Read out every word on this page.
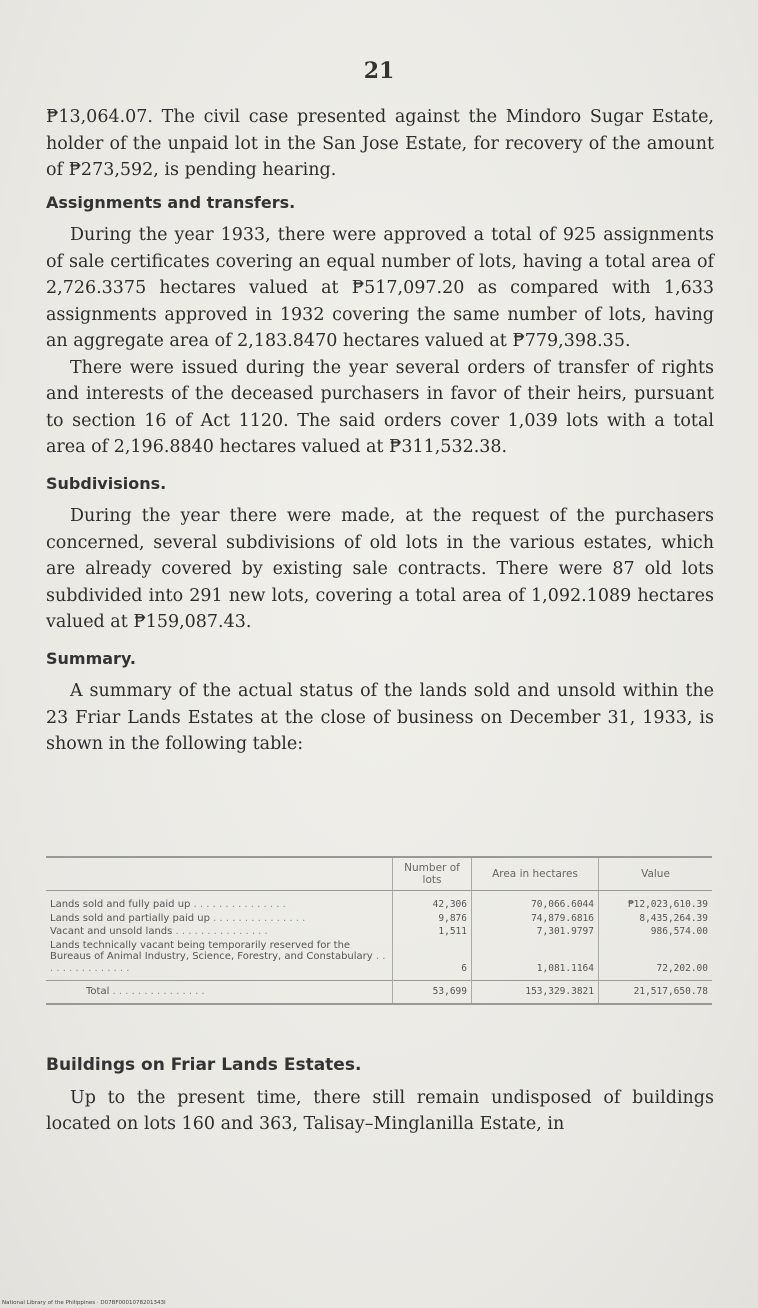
21

₱13,064.07. The civil case presented against the Mindoro Sugar Estate, holder of the unpaid lot in the San Jose Estate, for recovery of the amount of ₱273,592, is pending hearing.

Assignments and transfers.

During the year 1933, there were approved a total of 925 assignments of sale certificates covering an equal number of lots, having a total area of 2,726.3375 hectares valued at ₱517,097.20 as compared with 1,633 assignments approved in 1932 covering the same number of lots, having an aggregate area of 2,183.8470 hectares valued at ₱779,398.35.

There were issued during the year several orders of transfer of rights and interests of the deceased purchasers in favor of their heirs, pursuant to section 16 of Act 1120. The said orders cover 1,039 lots with a total area of 2,196.8840 hectares valued at ₱311,532.38.

Subdivisions.

During the year there were made, at the request of the purchasers concerned, several subdivisions of old lots in the various estates, which are already covered by existing sale contracts. There were 87 old lots subdivided into 291 new lots, covering a total area of 1,092.1089 hectares valued at ₱159,087.43.

Summary.

A summary of the actual status of the lands sold and unsold within the 23 Friar Lands Estates at the close of business on December 31, 1933, is shown in the following table:

	Number of lots	Area in hectares	Value
Lands sold and fully paid up . . .	42,306	70,066.6044	₱12,023,610.39
Lands sold and partially paid up . . .	9,876	74,879.6816	8,435,264.39
Vacant and unsold lands . . .	1,511	7,301.9797	986,574.00
Lands technically vacant being temporarily reserved for the Bureaus of Animal Industry, Science, Forestry, and Constabulary . . .	6	1,081.1164	72,202.00
Total . . .	53,699	153,329.3821	21,517,650.78
Buildings on Friar Lands Estates.

Up to the present time, there still remain undisposed of buildings located on lots 160 and 363, Talisay–Minglanilla Estate, in

National Library of the Philippines · D07BF0001078201343I
